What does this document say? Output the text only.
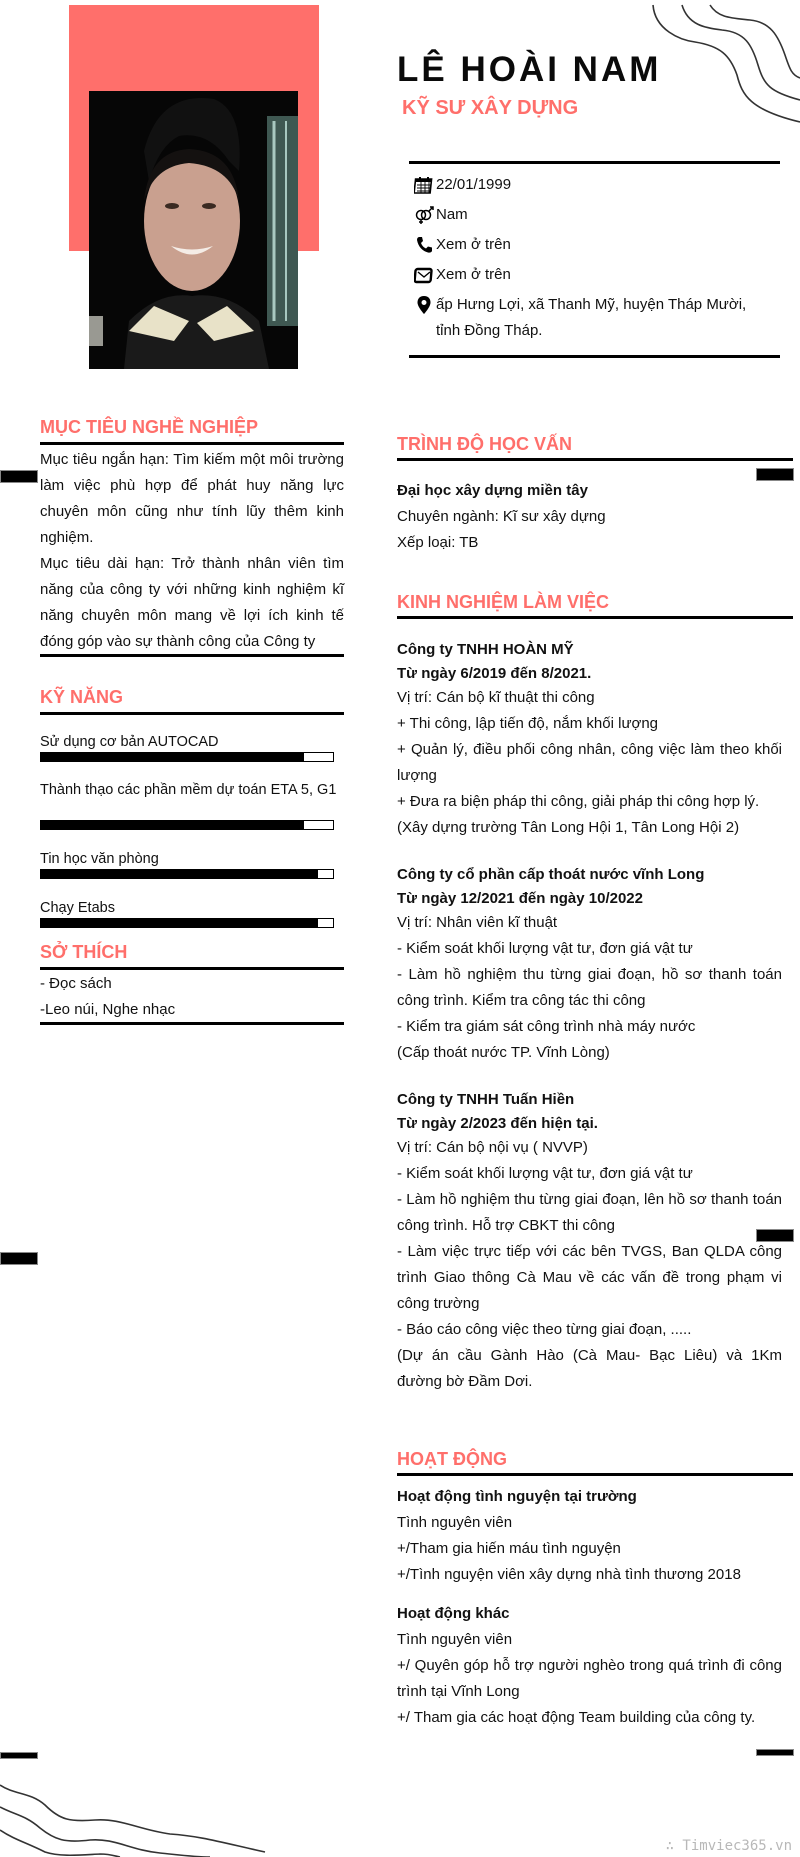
LÊ HOÀI NAM
KỸ SƯ XÂY DỰNG
22/01/1999
Nam
Xem ở trên
Xem ở trên
ấp Hưng Lợi, xã Thanh Mỹ, huyện Tháp Mười,
tỉnh Đồng Tháp.
MỤC TIÊU NGHỀ NGHIỆP
Mục tiêu ngắn hạn: Tìm kiếm một môi trường làm việc phù hợp để phát huy năng lực chuyên môn cũng như tính lũy thêm kinh nghiệm.
Mục tiêu dài hạn: Trở thành nhân viên tìm năng của công ty với những kinh nghiệm kĩ năng chuyên môn mang về lợi ích kinh tế đóng góp vào sự thành công của Công ty
KỸ NĂNG
Sử dụng cơ bản AUTOCAD
Thành thạo các phần mềm dự toán ETA 5, G1
Tin học văn phòng
Chạy Etabs
SỞ THÍCH
- Đọc sách
-Leo núi, Nghe nhạc
TRÌNH ĐỘ HỌC VẤN
Đại học xây dựng miền tây
Chuyên ngành: Kĩ sư xây dựng
Xếp loại: TB
KINH NGHIỆM LÀM VIỆC
Công ty TNHH HOÀN MỸ
Từ ngày 6/2019 đến 8/2021.
Vị trí: Cán bộ kĩ thuật thi công
+ Thi công, lập tiến độ, nắm khối lượng
+ Quản lý, điều phối công nhân, công việc làm theo khối lượng
+ Đưa ra biện pháp thi công, giải pháp thi công hợp lý.
(Xây dựng trường Tân Long Hội 1, Tân Long Hội 2)
Công ty cổ phần cấp thoát nước vĩnh Long
Từ ngày 12/2021 đến ngày 10/2022
Vị trí: Nhân viên kĩ thuật
- Kiểm soát khối lượng vật tư, đơn giá vật tư
- Làm hồ nghiệm thu từng giai đoạn, hồ sơ thanh toán công trình. Kiểm tra công tác thi công
- Kiểm tra giám sát công trình nhà máy nước
(Cấp thoát nước TP. Vĩnh Lòng)
Công ty TNHH Tuấn Hiền
Từ ngày 2/2023 đến hiện tại.
Vị trí: Cán bộ nội vụ ( NVVP)
- Kiểm soát khối lượng vật tư, đơn giá vật tư
- Làm hồ nghiệm thu từng giai đoạn, lên hồ sơ thanh toán công trình. Hỗ trợ CBKT thi công
- Làm việc trực tiếp với các bên TVGS, Ban QLDA công trình Giao thông Cà Mau về các vấn đề trong phạm vi công trường
- Báo cáo công việc theo từng giai đoạn, .....
(Dự án cầu Gành Hào (Cà Mau- Bạc Liêu) và 1Km đường bờ Đầm Dơi.
HOẠT ĐỘNG
Hoạt động tình nguyện tại trường
Tình nguyên viên
+/Tham gia hiến máu tình nguyện
+/Tình nguyện viên xây dựng nhà tình thương 2018
Hoạt động khác
Tình nguyên viên
+/ Quyên góp hỗ trợ người nghèo trong quá trình đi công trình tại Vĩnh Long
+/ Tham gia các hoạt động Team building của công ty.
∴ Timviec365.vn
